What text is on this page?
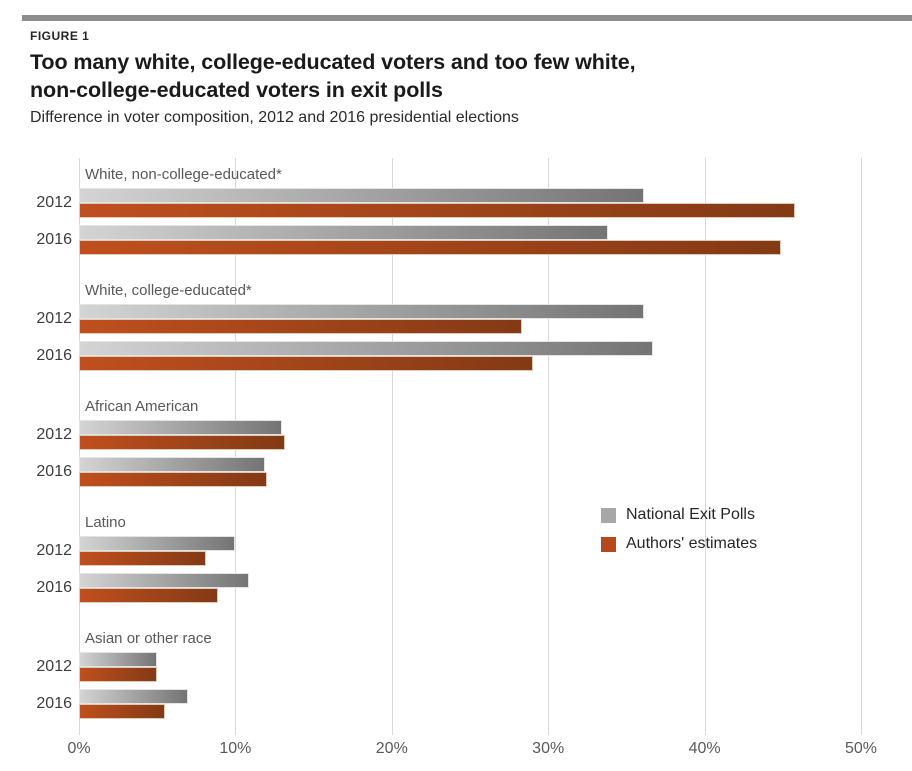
FIGURE 1
Too many white, college-educated voters and too few white,
non-college-educated voters in exit polls
Difference in voter composition, 2012 and 2016 presidential elections
0%	10%	20%	30%	40%	50%
White, non-college-educated*
2012
2016
White, college-educated*
2012
2016
African American
2012
2016
Latino
2012
2016
Asian or other race
2012
2016
National Exit Polls
Authors' estimates
